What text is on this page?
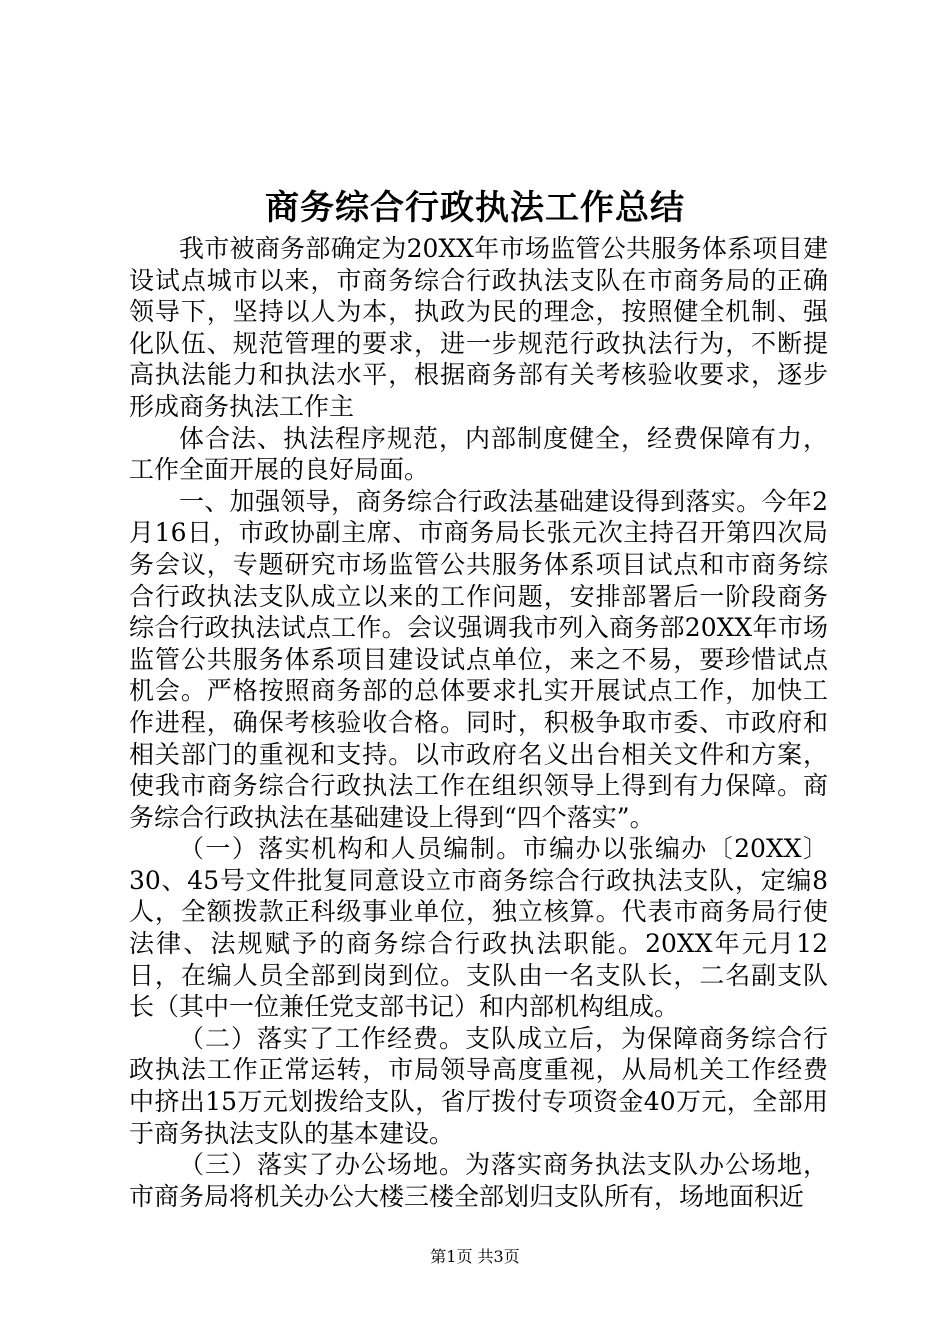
商务综合行政执法工作总结

我市被商务部确定为20XX年市场监管公共服务体系项目建设试点城市以来，市商务综合行政执法支队在市商务局的正确领导下，坚持以人为本，执政为民的理念，按照健全机制、强化队伍、规范管理的要求，进一步规范行政执法行为，不断提高执法能力和执法水平，根据商务部有关考核验收要求，逐步形成商务执法工作主

体合法、执法程序规范，内部制度健全，经费保障有力，工作全面开展的良好局面。

一、加强领导，商务综合行政法基础建设得到落实。今年2月16日，市政协副主席、市商务局长张元次主持召开第四次局务会议，专题研究市场监管公共服务体系项目试点和市商务综合行政执法支队成立以来的工作问题，安排部署后一阶段商务综合行政执法试点工作。会议强调我市列入商务部20XX年市场监管公共服务体系项目建设试点单位，来之不易，要珍惜试点机会。严格按照商务部的总体要求扎实开展试点工作，加快工作进程，确保考核验收合格。同时，积极争取市委、市政府和相关部门的重视和支持。以市政府名义出台相关文件和方案，使我市商务综合行政执法工作在组织领导上得到有力保障。商务综合行政执法在基础建设上得到“四个落实”。

（一）落实机构和人员编制。市编办以张编办〔20XX〕30、45号文件批复同意设立市商务综合行政执法支队，定编8人，全额拨款正科级事业单位，独立核算。代表市商务局行使法律、法规赋予的商务综合行政执法职能。20XX年元月12日，在编人员全部到岗到位。支队由一名支队长，二名副支队长（其中一位兼任党支部书记）和内部机构组成。

（二）落实了工作经费。支队成立后，为保障商务综合行政执法工作正常运转，市局领导高度重视，从局机关工作经费中挤出15万元划拨给支队，省厅拨付专项资金40万元，全部用于商务执法支队的基本建设。

（三）落实了办公场地。为落实商务执法支队办公场地，市商务局将机关办公大楼三楼全部划归支队所有，场地面积近

第1页 共3页
